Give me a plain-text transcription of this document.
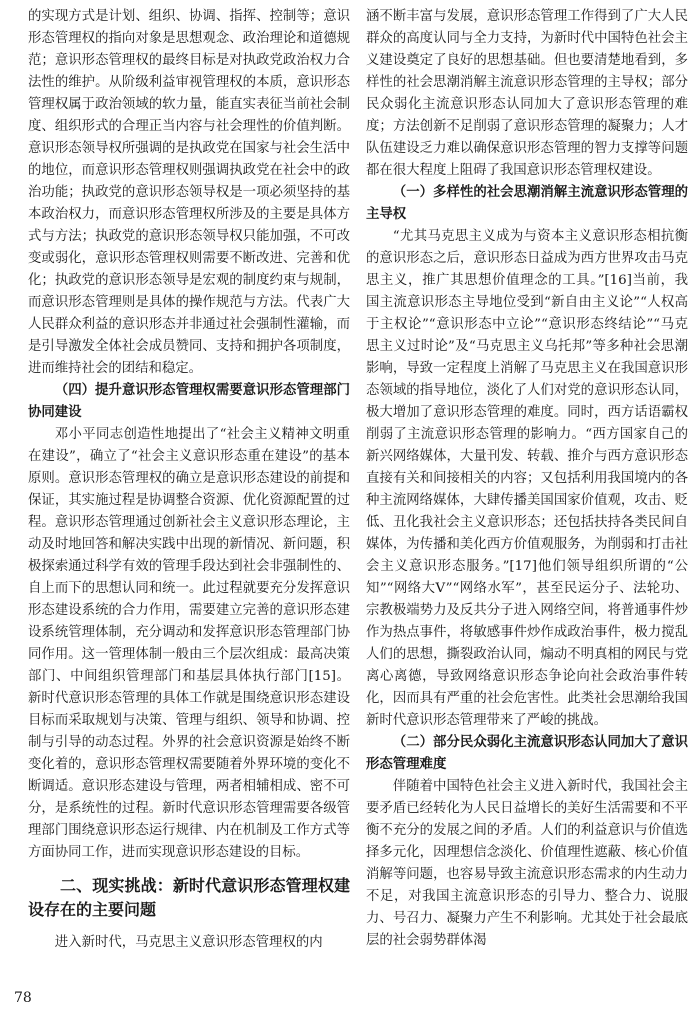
的实现方式是计划、组织、协调、指挥、控制等；意识形态管理权的指向对象是思想观念、政治理论和道德规范；意识形态管理权的最终目标是对执政党政治权力合法性的维护。从阶级利益审视管理权的本质，意识形态管理权属于政治领域的软力量，能直实表征当前社会制度、组织形式的合理正当内容与社会理性的价值判断。意识形态领导权所强调的是执政党在国家与社会生活中的地位，而意识形态管理权则强调执政党在社会中的政治功能；执政党的意识形态领导权是一项必须坚持的基本政治权力，而意识形态管理权所涉及的主要是具体方式与方法；执政党的意识形态领导权只能加强，不可改变或弱化，意识形态管理权则需要不断改进、完善和优化；执政党的意识形态领导是宏观的制度约束与规制，而意识形态管理则是具体的操作规范与方法。代表广大人民群众利益的意识形态并非通过社会强制性灌输，而是引导激发全体社会成员赞同、支持和拥护各项制度，进而维持社会的团结和稳定。

（四）提升意识形态管理权需要意识形态管理部门协同建设

邓小平同志创造性地提出了“社会主义精神文明重在建设”，确立了“社会主义意识形态重在建设”的基本原则。意识形态管理权的确立是意识形态建设的前提和保证，其实施过程是协调整合资源、优化资源配置的过程。意识形态管理通过创新社会主义意识形态理论，主动及时地回答和解决实践中出现的新情况、新问题，积极探索通过科学有效的管理手段达到社会非强制性的、自上而下的思想认同和统一。此过程就要充分发挥意识形态建设系统的合力作用，需要建立完善的意识形态建设系统管理体制，充分调动和发挥意识形态管理部门协同作用。这一管理体制一般由三个层次组成：最高决策部门、中间组织管理部门和基层具体执行部门[15]。新时代意识形态管理的具体工作就是围绕意识形态建设目标而采取规划与决策、管理与组织、领导和协调、控制与引导的动态过程。外界的社会意识资源是始终不断变化着的，意识形态管理权需要随着外界环境的变化不断调适。意识形态建设与管理，两者相辅相成、密不可分，是系统性的过程。新时代意识形态管理需要各级管理部门围绕意识形态运行规律、内在机制及工作方式等方面协同工作，进而实现意识形态建设的目标。

二、现实挑战：新时代意识形态管理权建设存在的主要问题

进入新时代，马克思主义意识形态管理权的内

涵不断丰富与发展，意识形态管理工作得到了广大人民群众的高度认同与全力支持，为新时代中国特色社会主义建设奠定了良好的思想基础。但也要清楚地看到，多样性的社会思潮消解主流意识形态管理的主导权；部分民众弱化主流意识形态认同加大了意识形态管理的难度；方法创新不足削弱了意识形态管理的凝聚力；人才队伍建设乏力难以确保意识形态管理的智力支撑等问题都在很大程度上阻碍了我国意识形态管理权建设。

（一）多样性的社会思潮消解主流意识形态管理的主导权

“尤其马克思主义成为与资本主义意识形态相抗衡的意识形态之后，意识形态日益成为西方世界攻击马克思主义，推广其思想价值理念的工具。”[16]当前，我国主流意识形态主导地位受到“新自由主义论”“人权高于主权论”“意识形态中立论”“意识形态终结论”“马克思主义过时论”及“马克思主义乌托邦”等多种社会思潮影响，导致一定程度上消解了马克思主义在我国意识形态领域的指导地位，淡化了人们对党的意识形态认同，极大增加了意识形态管理的难度。同时，西方话语霸权削弱了主流意识形态管理的影响力。“西方国家自己的新兴网络媒体，大量刊发、转载、推介与西方意识形态直接有关和间接相关的内容；又包括利用我国境内的各种主流网络媒体，大肆传播美国国家价值观，攻击、贬低、丑化我社会主义意识形态；还包括扶持各类民间自媒体，为传播和美化西方价值观服务，为削弱和打击社会主义意识形态服务。”[17]他们领导组织所谓的“公知”“网络大V”“网络水军”，甚至民运分子、法轮功、宗教极端势力及反共分子进入网络空间，将普通事件炒作为热点事件，将敏感事件炒作成政治事件，极力搅乱人们的思想，撕裂政治认同，煽动不明真相的网民与党离心离德，导致网络意识形态争论向社会政治事件转化，因而具有严重的社会危害性。此类社会思潮给我国新时代意识形态管理带来了严峻的挑战。

（二）部分民众弱化主流意识形态认同加大了意识形态管理难度

伴随着中国特色社会主义进入新时代，我国社会主要矛盾已经转化为人民日益增长的美好生活需要和不平衡不充分的发展之间的矛盾。人们的利益意识与价值选择多元化，因理想信念淡化、价值理性遮蔽、核心价值消解等问题，也容易导致主流意识形态需求的内生动力不足，对我国主流意识形态的引导力、整合力、说服力、号召力、凝聚力产生不利影响。尤其处于社会最底层的社会弱势群体渴

78
